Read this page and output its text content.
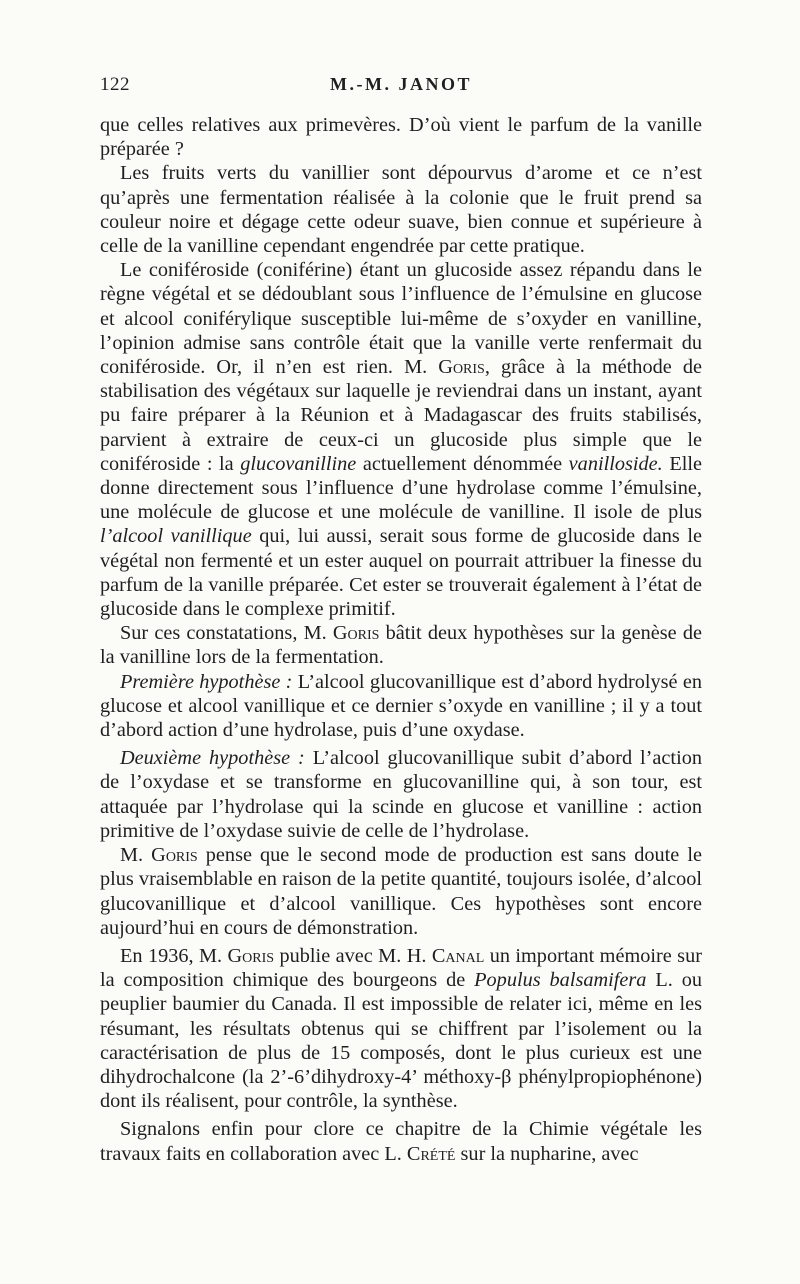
122	M.-M. JANOT

que celles relatives aux primevères. D’où vient le parfum de la vanille préparée ?

Les fruits verts du vanillier sont dépourvus d’arome et ce n’est qu’après une fermentation réalisée à la colonie que le fruit prend sa couleur noire et dégage cette odeur suave, bien connue et supérieure à celle de la vanilline cependant engendrée par cette pratique.

Le coniféroside (coniférine) étant un glucoside assez répandu dans le règne végétal et se dédoublant sous l’influence de l’émulsine en glucose et alcool coniférylique susceptible lui-même de s’oxyder en vanilline, l’opinion admise sans contrôle était que la vanille verte renfermait du coniféroside. Or, il n’en est rien. M. Goris, grâce à la méthode de stabilisation des végétaux sur laquelle je reviendrai dans un instant, ayant pu faire préparer à la Réunion et à Madagascar des fruits stabilisés, parvient à extraire de ceux-ci un glucoside plus simple que le coniféroside : la glucovanilline actuellement dénommée vanilloside. Elle donne directement sous l’influence d’une hydrolase comme l’émulsine, une molécule de glucose et une molécule de vanilline. Il isole de plus l’alcool vanillique qui, lui aussi, serait sous forme de glucoside dans le végétal non fermenté et un ester auquel on pourrait attribuer la finesse du parfum de la vanille préparée. Cet ester se trouverait également à l’état de glucoside dans le complexe primitif.

Sur ces constatations, M. Goris bâtit deux hypothèses sur la genèse de la vanilline lors de la fermentation.

Première hypothèse : L’alcool glucovanillique est d’abord hydrolysé en glucose et alcool vanillique et ce dernier s’oxyde en vanilline ; il y a tout d’abord action d’une hydrolase, puis d’une oxydase.

Deuxième hypothèse : L’alcool glucovanillique subit d’abord l’action de l’oxydase et se transforme en glucovanilline qui, à son tour, est attaquée par l’hydrolase qui la scinde en glucose et vanilline : action primitive de l’oxydase suivie de celle de l’hydrolase.

M. Goris pense que le second mode de production est sans doute le plus vraisemblable en raison de la petite quantité, toujours isolée, d’alcool glucovanillique et d’alcool vanillique. Ces hypothèses sont encore aujourd’hui en cours de démonstration.

En 1936, M. Goris publie avec M. H. Canal un important mémoire sur la composition chimique des bourgeons de Populus balsamifera L. ou peuplier baumier du Canada. Il est impossible de relater ici, même en les résumant, les résultats obtenus qui se chiffrent par l’isolement ou la caractérisation de plus de 15 composés, dont le plus curieux est une dihydrochalcone (la 2’-6’dihydroxy-4’ méthoxy-β phénylpropiophénone) dont ils réalisent, pour contrôle, la synthèse.

Signalons enfin pour clore ce chapitre de la Chimie végétale les travaux faits en collaboration avec L. Crété sur la nupharine, avec
